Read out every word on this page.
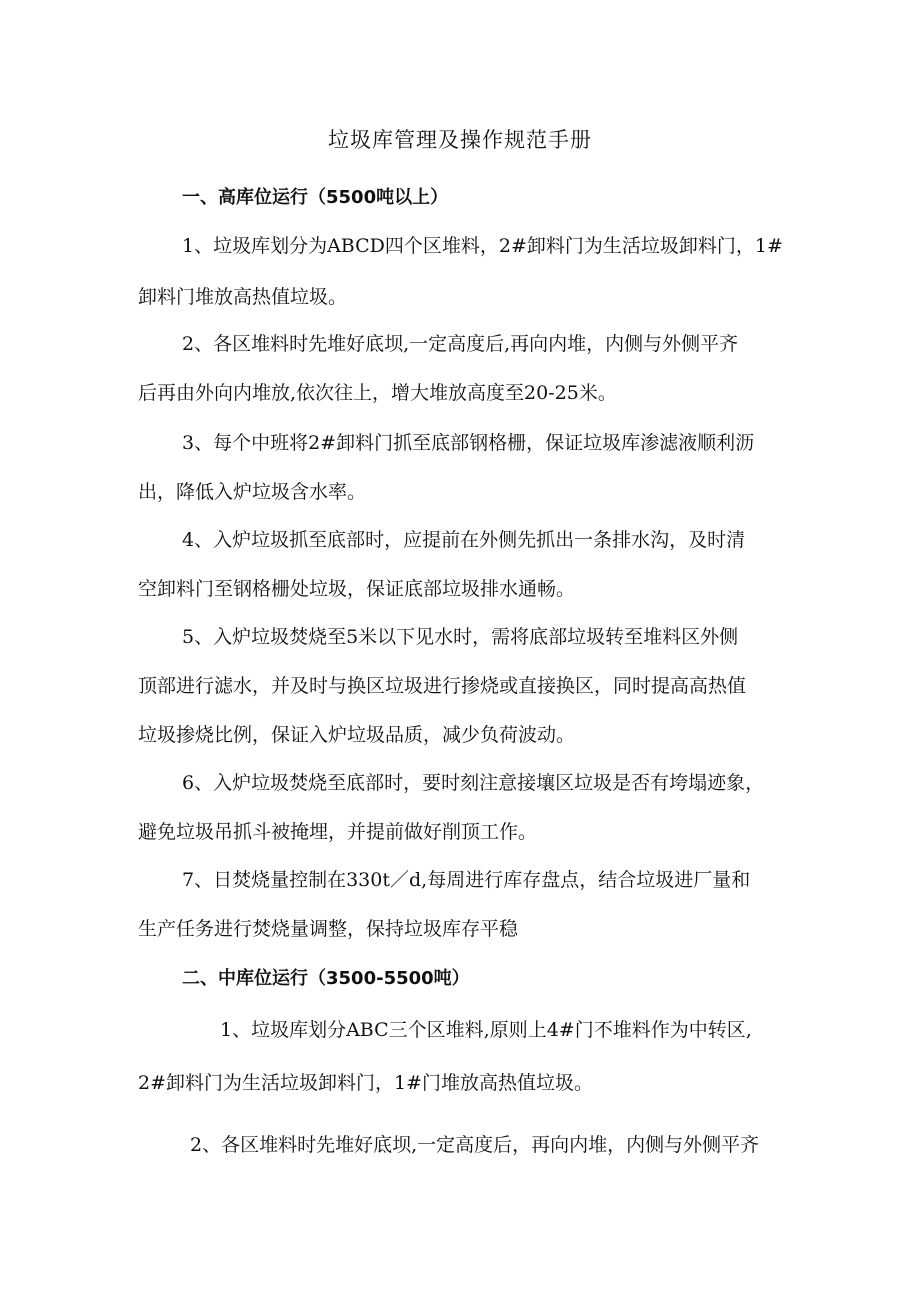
垃圾库管理及操作规范手册
一、高库位运行（5500吨以上）
1、垃圾库划分为ABCD四个区堆料，2#卸料门为生活垃圾卸料门，1#
卸料门堆放高热值垃圾。
2、各区堆料时先堆好底坝,一定高度后,再向内堆，内侧与外侧平齐
后再由外向内堆放,依次往上，增大堆放高度至20-25米。
3、每个中班将2#卸料门抓至底部钢格栅，保证垃圾库渗滤液顺利沥
出，降低入炉垃圾含水率。
4、入炉垃圾抓至底部时，应提前在外侧先抓出一条排水沟，及时清
空卸料门至钢格栅处垃圾，保证底部垃圾排水通畅。
5、入炉垃圾焚烧至5米以下见水时，需将底部垃圾转至堆料区外侧
顶部进行滤水，并及时与换区垃圾进行掺烧或直接换区，同时提高高热值
垃圾掺烧比例，保证入炉垃圾品质，减少负荷波动。
6、入炉垃圾焚烧至底部时，要时刻注意接壤区垃圾是否有垮塌迹象，
避免垃圾吊抓斗被掩埋，并提前做好削顶工作。
7、日焚烧量控制在330t／d,每周进行库存盘点，结合垃圾进厂量和
生产任务进行焚烧量调整，保持垃圾库存平稳
二、中库位运行（3500-5500吨）
1、垃圾库划分ABC三个区堆料,原则上4#门不堆料作为中转区,
2#卸料门为生活垃圾卸料门，1#门堆放高热值垃圾。
2、各区堆料时先堆好底坝,一定高度后，再向内堆，内侧与外侧平齐
